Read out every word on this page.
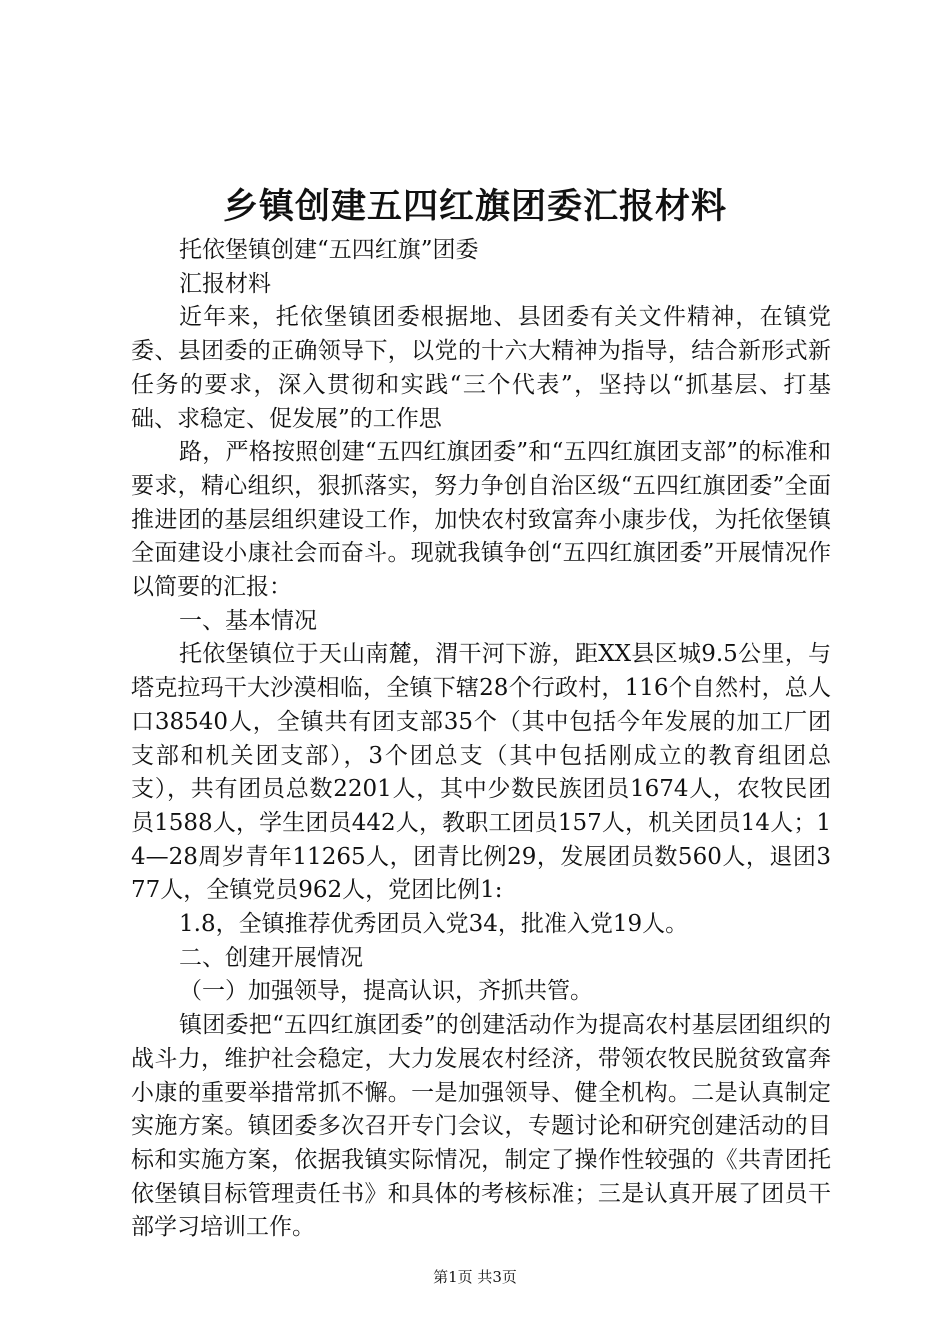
乡镇创建五四红旗团委汇报材料

托依堡镇创建“五四红旗”团委

汇报材料

近年来，托依堡镇团委根据地、县团委有关文件精神，在镇党委、县团委的正确领导下，以党的十六大精神为指导，结合新形式新任务的要求，深入贯彻和实践“三个代表”，坚持以“抓基层、打基础、求稳定、促发展”的工作思

路，严格按照创建“五四红旗团委”和“五四红旗团支部”的标准和要求，精心组织，狠抓落实，努力争创自治区级“五四红旗团委”全面推进团的基层组织建设工作，加快农村致富奔小康步伐，为托依堡镇全面建设小康社会而奋斗。现就我镇争创“五四红旗团委”开展情况作以简要的汇报：

一、基本情况

托依堡镇位于天山南麓，渭干河下游，距XX县区城9.5公里，与塔克拉玛干大沙漠相临，全镇下辖28个行政村，116个自然村，总人口38540人，全镇共有团支部35个（其中包括今年发展的加工厂团支部和机关团支部），3个团总支（其中包括刚成立的教育组团总支），共有团员总数2201人，其中少数民族团员1674人，农牧民团员1588人，学生团员442人，教职工团员157人，机关团员14人；14—28周岁青年11265人，团青比例29，发展团员数560人，退团377人，全镇党员962人，党团比例1:

1.8，全镇推荐优秀团员入党34，批准入党19人。

二、创建开展情况

（一）加强领导，提高认识，齐抓共管。

镇团委把“五四红旗团委”的创建活动作为提高农村基层团组织的战斗力，维护社会稳定，大力发展农村经济，带领农牧民脱贫致富奔小康的重要举措常抓不懈。一是加强领导、健全机构。二是认真制定实施方案。镇团委多次召开专门会议，专题讨论和研究创建活动的目标和实施方案，依据我镇实际情况，制定了操作性较强的《共青团托依堡镇目标管理责任书》和具体的考核标准；三是认真开展了团员干部学习培训工作。

第1页 共3页
